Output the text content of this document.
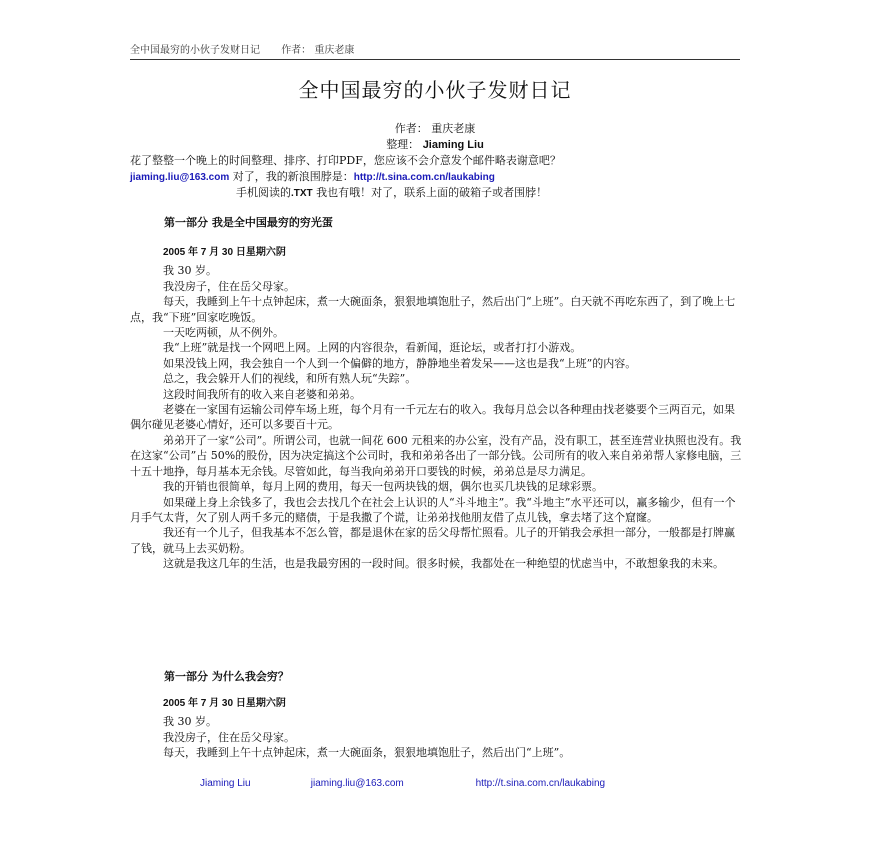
全中国最穷的小伙子发财日记 作者： 重庆老康
全中国最穷的小伙子发财日记
作者： 重庆老康
整理： Jiaming Liu
花了整整一个晚上的时间整理、排序、打印PDF，您应该不会介意发个邮件略表谢意吧？
jiaming.liu@163.com 对了，我的新浪围脖是：http://t.sina.com.cn/laukabing
手机阅读的.TXT 我也有哦！对了，联系上面的破箱子或者围脖！
第一部分 我是全中国最穷的穷光蛋

2005 年 7 月 30 日星期六阴

我 30 岁。

我没房子，住在岳父母家。

每天，我睡到上午十点钟起床，煮一大碗面条，狠狠地填饱肚子，然后出门“上班”。白天就不再吃东西了，到了晚上七点，我“下班”回家吃晚饭。

一天吃两顿，从不例外。

我“上班”就是找一个网吧上网。上网的内容很杂，看新闻，逛论坛，或者打打小游戏。

如果没钱上网，我会独自一个人到一个偏僻的地方，静静地坐着发呆——这也是我“上班”的内容。

总之，我会躲开人们的视线，和所有熟人玩“失踪”。

这段时间我所有的收入来自老婆和弟弟。

老婆在一家国有运输公司停车场上班，每个月有一千元左右的收入。我每月总会以各种理由找老婆要个三两百元，如果偶尔碰见老婆心情好，还可以多要百十元。

弟弟开了一家“公司”。所谓公司，也就一间花 600 元租来的办公室，没有产品，没有职工，甚至连营业执照也没有。我在这家“公司”占 50%的股份，因为决定搞这个公司时，我和弟弟各出了一部分钱。公司所有的收入来自弟弟帮人家修电脑，三十五十地挣，每月基本无余钱。尽管如此，每当我向弟弟开口要钱的时候，弟弟总是尽力满足。

我的开销也很简单，每月上网的费用，每天一包两块钱的烟，偶尔也买几块钱的足球彩票。

如果碰上身上余钱多了，我也会去找几个在社会上认识的人“斗斗地主”。我“斗地主”水平还可以，赢多输少，但有一个月手气太背，欠了别人两千多元的赌债，于是我撒了个谎，让弟弟找他朋友借了点儿钱，拿去堵了这个窟窿。

我还有一个儿子，但我基本不怎么管，都是退休在家的岳父母帮忙照看。儿子的开销我会承担一部分，一般都是打牌赢了钱，就马上去买奶粉。

这就是我这几年的生活，也是我最穷困的一段时间。很多时候，我都处在一种绝望的忧虑当中，不敢想象我的未来。

第一部分 为什么我会穷？

2005 年 7 月 30 日星期六阴

我 30 岁。

我没房子，住在岳父母家。

每天，我睡到上午十点钟起床，煮一大碗面条，狠狠地填饱肚子，然后出门“上班”。

Jiaming Liu	jiaming.liu@163.com	http://t.sina.com.cn/laukabing
